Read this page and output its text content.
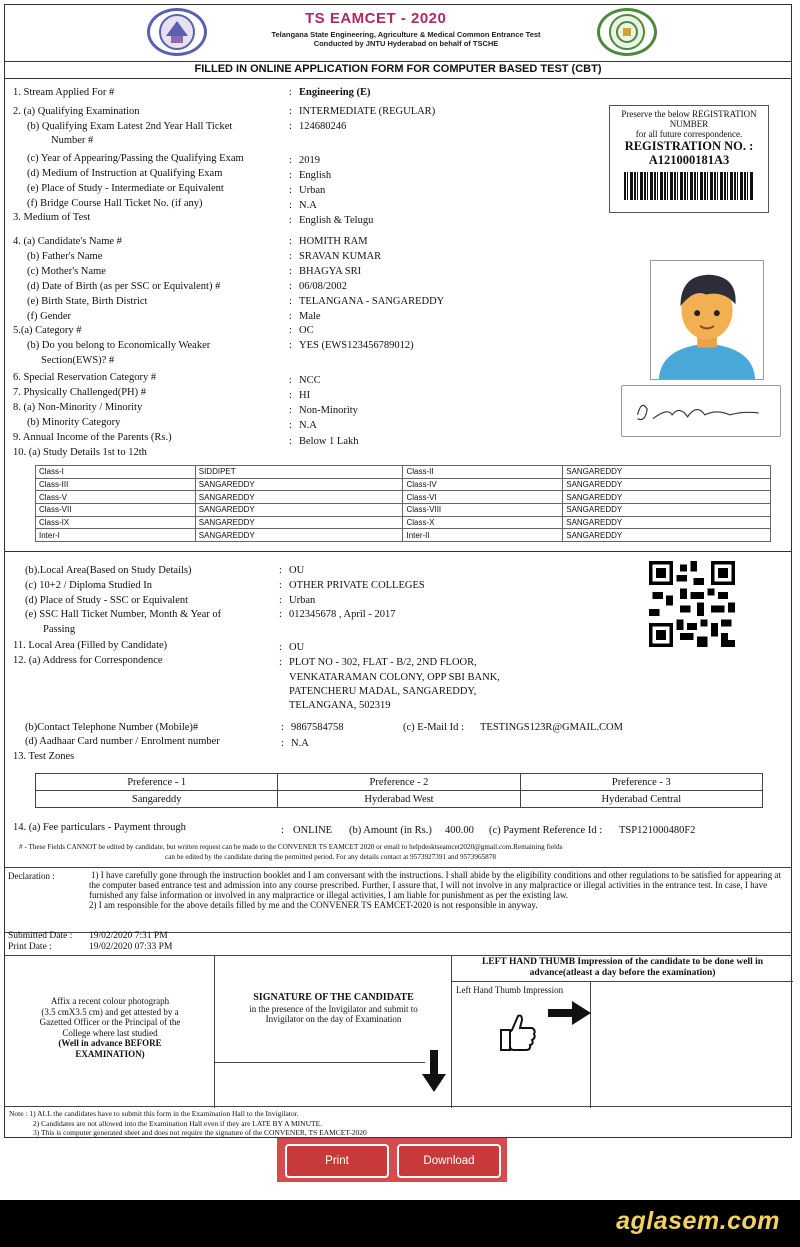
TS EAMCET - 2020
Telangana State Engineering, Agriculture & Medical Common Entrance Test
Conducted by JNTU Hyderabad on behalf of TSCHE
FILLED IN ONLINE APPLICATION FORM FOR COMPUTER BASED TEST (CBT)
1. Stream Applied For #	: Engineering (E)
2. (a) Qualifying Examination	: INTERMEDIATE (REGULAR)
(b) Qualifying Exam Latest 2nd Year Hall Ticket	: 124680246
Number #
(c) Year of Appearing/Passing the Qualifying Exam	: 2019
(d) Medium of Instruction at Qualifying Exam	: English
(e) Place of Study - Intermediate or Equivalent	: Urban
(f) Bridge Course Hall Ticket No. (if any)	: N.A
3. Medium of Test	: English & Telugu
4. (a) Candidate's Name #	: HOMITH RAM
(b) Father's Name	: SRAVAN KUMAR
(c) Mother's Name	: BHAGYA SRI
(d) Date of Birth (as per SSC or Equivalent) #	: 06/08/2002
(e) Birth State, Birth District	: TELANGANA - SANGAREDDY
(f) Gender	: Male
5.(a) Category #	: OC
(b) Do you belong to Economically Weaker	: YES (EWS123456789012)
Section(EWS)? #
6. Special Reservation Category #	: NCC
7. Physically Challenged(PH) #	: HI
8. (a) Non-Minority / Minority	: Non-Minority
(b) Minority Category	: N.A
9. Annual Income of the Parents (Rs.)	: Below 1 Lakh
10. (a) Study Details 1st to 12th
Preserve the below REGISTRATION
NUMBER
for all future correspondence.
REGISTRATION NO. :
A121000181A3
Class-I	SIDDIPET	Class-II	SANGAREDDY
Class-III	SANGAREDDY	Class-IV	SANGAREDDY
Class-V	SANGAREDDY	Class-VI	SANGAREDDY
Class-VII	SANGAREDDY	Class-VIII	SANGAREDDY
Class-IX	SANGAREDDY	Class-X	SANGAREDDY
Inter-I	SANGAREDDY	Inter-II	SANGAREDDY
(b).Local Area(Based on Study Details)	: OU
(c) 10+2 / Diploma Studied In	: OTHER PRIVATE COLLEGES
(d) Place of Study - SSC or Equivalent	: Urban
(e) SSC Hall Ticket Number, Month & Year of	: 012345678 , April - 2017
Passing
11. Local Area (Filled by Candidate)	: OU
12. (a) Address for Correspondence	: PLOT NO - 302, FLAT - B/2, 2ND FLOOR,
VENKATARAMAN COLONY, OPP SBI BANK,
PATENCHERU MADAL, SANGAREDDY,
TELANGANA, 502319
(b)Contact Telephone Number (Mobile)#	: 9867584758	(c) E-Mail Id : TESTINGS123R@GMAIL.COM
(d) Aadhaar Card number / Enrolment number	: N.A
13. Test Zones
Preference - 1	Preference - 2	Preference - 3
Sangareddy	Hyderabad West	Hyderabad Central
14. (a) Fee particulars - Payment through	: ONLINE (b) Amount (in Rs.) 400.00 (c) Payment Reference Id : TSP121000480F2
# - These Fields CANNOT be edited by candidate, but written request can be made to the CONVENER TS EAMCET 2020 or email to helpdesktseamcet2020@gmail.com.Remaining fields
can be edited by the candidate during the permitted period. For any details contact at 9573927391 and 9573965878
Declaration :	1) I have carefully gone through the instruction booklet and I am conversant with the instructions. I shall abide by the eligibility conditions and other regulations to be satisfied for appearing at the computer based entrance test and admission into any course prescribed. Further, I assure that, I will not involve in any malpractice or illegal activities in the entrance test. In case, I have furnished any false information or involved in any malpractice or illegal activities, I am liable for punishment as per the existing law.
2) I am responsible for the above details filled by me and the CONVENER TS EAMCET-2020 is not responsible in anyway.
Submitted Date : 19/02/2020 7:31 PM
Print Date :	19/02/2020 07:33 PM
Affix a recent colour photograph
(3.5 cmX3.5 cm) and get attested by a
Gazetted Officer or the Principal of the
College where last studied
(Well in advance BEFORE
EXAMINATION)
SIGNATURE OF THE CANDIDATE
in the presence of the Invigilator and submit to
Invigilator on the day of Examination
LEFT HAND THUMB Impression of the candidate to be done well in
advance(atleast a day before the examination)
Left Hand Thumb Impression
Note : 1) ALL the candidates have to submit this form in the Examination Hall to the Invigilator.
2) Candidates are not allowed into the Examination Hall even if they are LATE BY A MINUTE.
3) This is computer generated sheet and does not require the signature of the CONVENER, TS EAMCET-2020
Print	Download
aglasem.com
